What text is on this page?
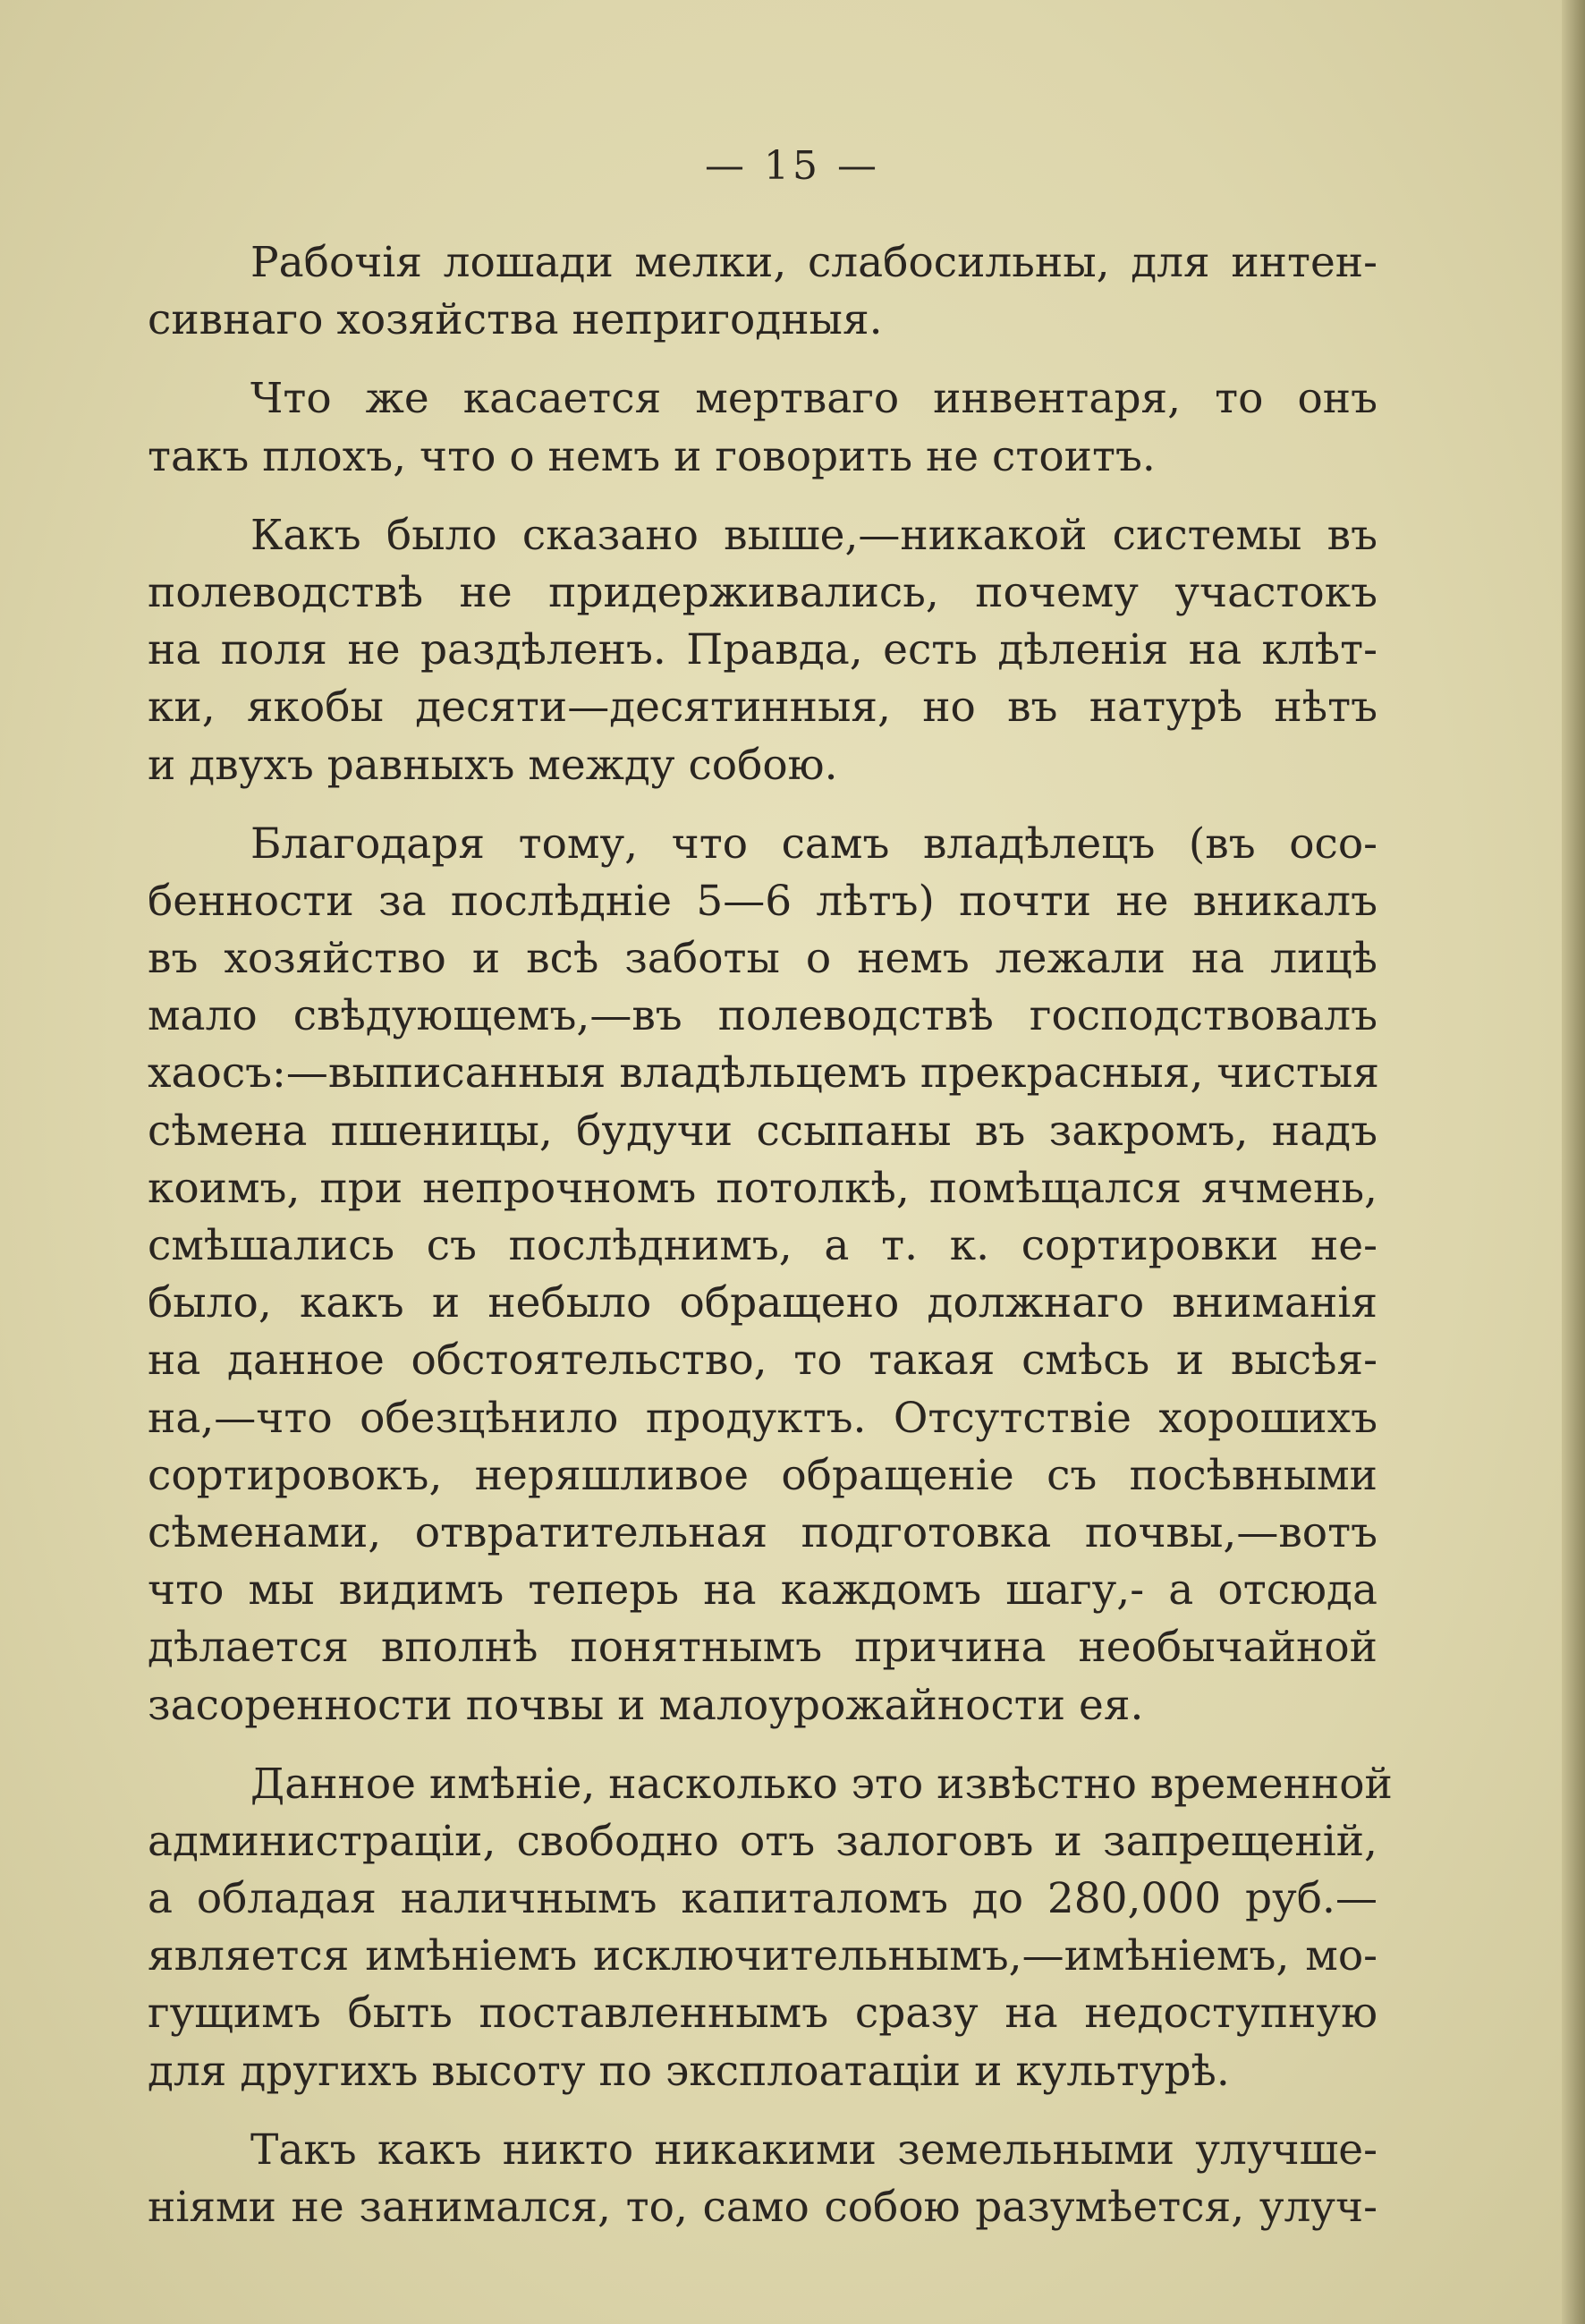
— 15 —
Рабочія лошади мелки, слабосильны, для интен-
сивнаго хозяйства непригодныя.
Что же касается мертваго инвентаря, то онъ
такъ плохъ, что о немъ и говорить не стоитъ.
Какъ было сказано выше,—никакой системы въ
полеводствѣ не придерживались, почему участокъ
на поля не раздѣленъ. Правда, есть дѣленія на клѣт-
ки, якобы десяти—десятинныя, но въ натурѣ нѣтъ
и двухъ равныхъ между собою.
Благодаря тому, что самъ владѣлецъ (въ осо-
бенности за послѣдніе 5—6 лѣтъ) почти не вникалъ
въ хозяйство и всѣ заботы о немъ лежали на лицѣ
мало свѣдующемъ,—въ полеводствѣ господствовалъ
хаосъ:—выписанныя владѣльцемъ прекрасныя, чистыя
сѣмена пшеницы, будучи ссыпаны въ закромъ, надъ
коимъ, при непрочномъ потолкѣ, помѣщался ячмень,
смѣшались съ послѣднимъ, а т. к. сортировки не-
было, какъ и небыло обращено должнаго вниманія
на данное обстоятельство, то такая смѣсь и высѣя-
на,—что обезцѣнило продуктъ. Отсутствіе хорошихъ
сортировокъ, неряшливое обращеніе съ посѣвными
сѣменами, отвратительная подготовка почвы,—вотъ
что мы видимъ теперь на каждомъ шагу,- а отсюда
дѣлается вполнѣ понятнымъ причина необычайной
засоренности почвы и малоурожайности ея.
Данное имѣніе, насколько это извѣстно временной
администраціи, свободно отъ залоговъ и запрещеній,
а обладая наличнымъ капиталомъ до 280,000 руб.—
является имѣніемъ исключительнымъ,—имѣніемъ, мо-
гущимъ быть поставленнымъ сразу на недоступную
для другихъ высоту по эксплоатаціи и культурѣ.
Такъ какъ никто никакими земельными улучше-
ніями не занимался, то, само собою разумѣется, улуч-
